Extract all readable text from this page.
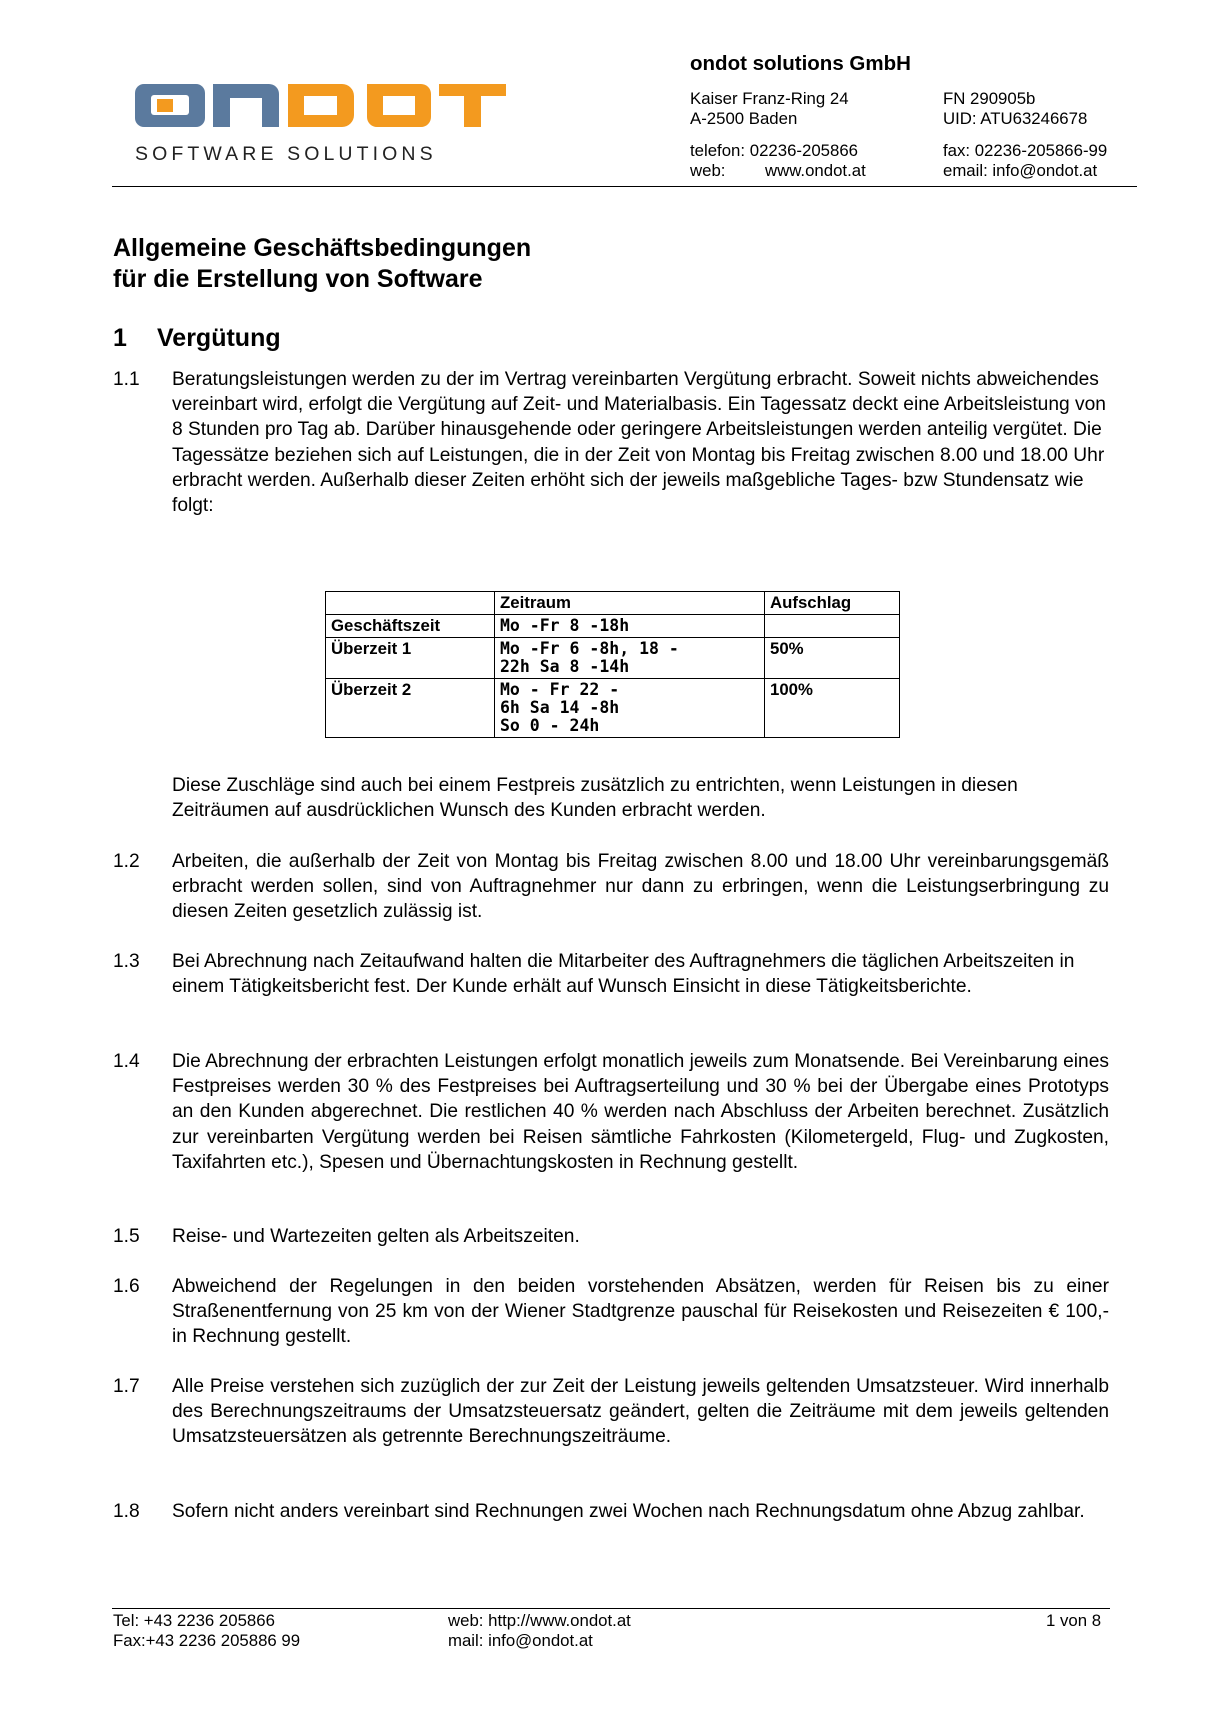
SOFTWARE SOLUTIONS
ondot solutions GmbH
Kaiser Franz-Ring 24
A-2500 Baden
FN 290905b
UID: ATU63246678
telefon: 02236-205866
web: www.ondot.at
fax: 02236-205866-99
email: info@ondot.at
Allgemeine Geschäftsbedingungen
für die Erstellung von Software
1 Vergütung
1.1 Beratungsleistungen werden zu der im Vertrag vereinbarten Vergütung erbracht. Soweit nichts abweichendes vereinbart wird, erfolgt die Vergütung auf Zeit- und Materialbasis. Ein Tagessatz deckt eine Arbeitsleistung von 8 Stunden pro Tag ab. Darüber hinausgehende oder geringere Arbeitsleistungen werden anteilig vergütet. Die Tagessätze beziehen sich auf Leistungen, die in der Zeit von Montag bis Freitag zwischen 8.00 und 18.00 Uhr erbracht werden. Außerhalb dieser Zeiten erhöht sich der jeweils maßgebliche Tages- bzw Stundensatz wie folgt:
	Zeitraum	Aufschlag
Geschäftszeit	Mo -Fr 8 -18h	

Überzeit 1	Mo -Fr 6 -8h, 18 -
22h Sa 8 -14h	50%
Überzeit 2	Mo - Fr 22 -
6h Sa 14 -8h
So 0 - 24h	100%
Diese Zuschläge sind auch bei einem Festpreis zusätzlich zu entrichten, wenn Leistungen in diesen Zeiträumen auf ausdrücklichen Wunsch des Kunden erbracht werden.
1.2 Arbeiten, die außerhalb der Zeit von Montag bis Freitag zwischen 8.00 und 18.00 Uhr vereinbarungsgemäß erbracht werden sollen, sind von Auftragnehmer nur dann zu erbringen, wenn die Leistungserbringung zu diesen Zeiten gesetzlich zulässig ist.
1.3 Bei Abrechnung nach Zeitaufwand halten die Mitarbeiter des Auftragnehmers die täglichen Arbeitszeiten in einem Tätigkeitsbericht fest. Der Kunde erhält auf Wunsch Einsicht in diese Tätigkeitsberichte.
1.4 Die Abrechnung der erbrachten Leistungen erfolgt monatlich jeweils zum Monatsende. Bei Vereinbarung eines Festpreises werden 30 % des Festpreises bei Auftragserteilung und 30 % bei der Übergabe eines Prototyps an den Kunden abgerechnet. Die restlichen 40 % werden nach Abschluss der Arbeiten berechnet. Zusätzlich zur vereinbarten Vergütung werden bei Reisen sämtliche Fahrkosten (Kilometergeld, Flug- und Zugkosten, Taxifahrten etc.), Spesen und Übernachtungskosten in Rechnung gestellt.
1.5 Reise- und Wartezeiten gelten als Arbeitszeiten.
1.6 Abweichend der Regelungen in den beiden vorstehenden Absätzen, werden für Reisen bis zu einer Straßenentfernung von 25 km von der Wiener Stadtgrenze pauschal für Reisekosten und Reisezeiten € 100,- in Rechnung gestellt.
1.7 Alle Preise verstehen sich zuzüglich der zur Zeit der Leistung jeweils geltenden Umsatzsteuer. Wird innerhalb des Berechnungszeitraums der Umsatzsteuersatz geändert, gelten die Zeiträume mit dem jeweils geltenden Umsatzsteuersätzen als getrennte Berechnungszeiträume.
1.8 Sofern nicht anders vereinbart sind Rechnungen zwei Wochen nach Rechnungsdatum ohne Abzug zahlbar.
Tel: +43 2236 205866
Fax:+43 2236 205886 99
web: http://www.ondot.at
mail: info@ondot.at
1 von 8
